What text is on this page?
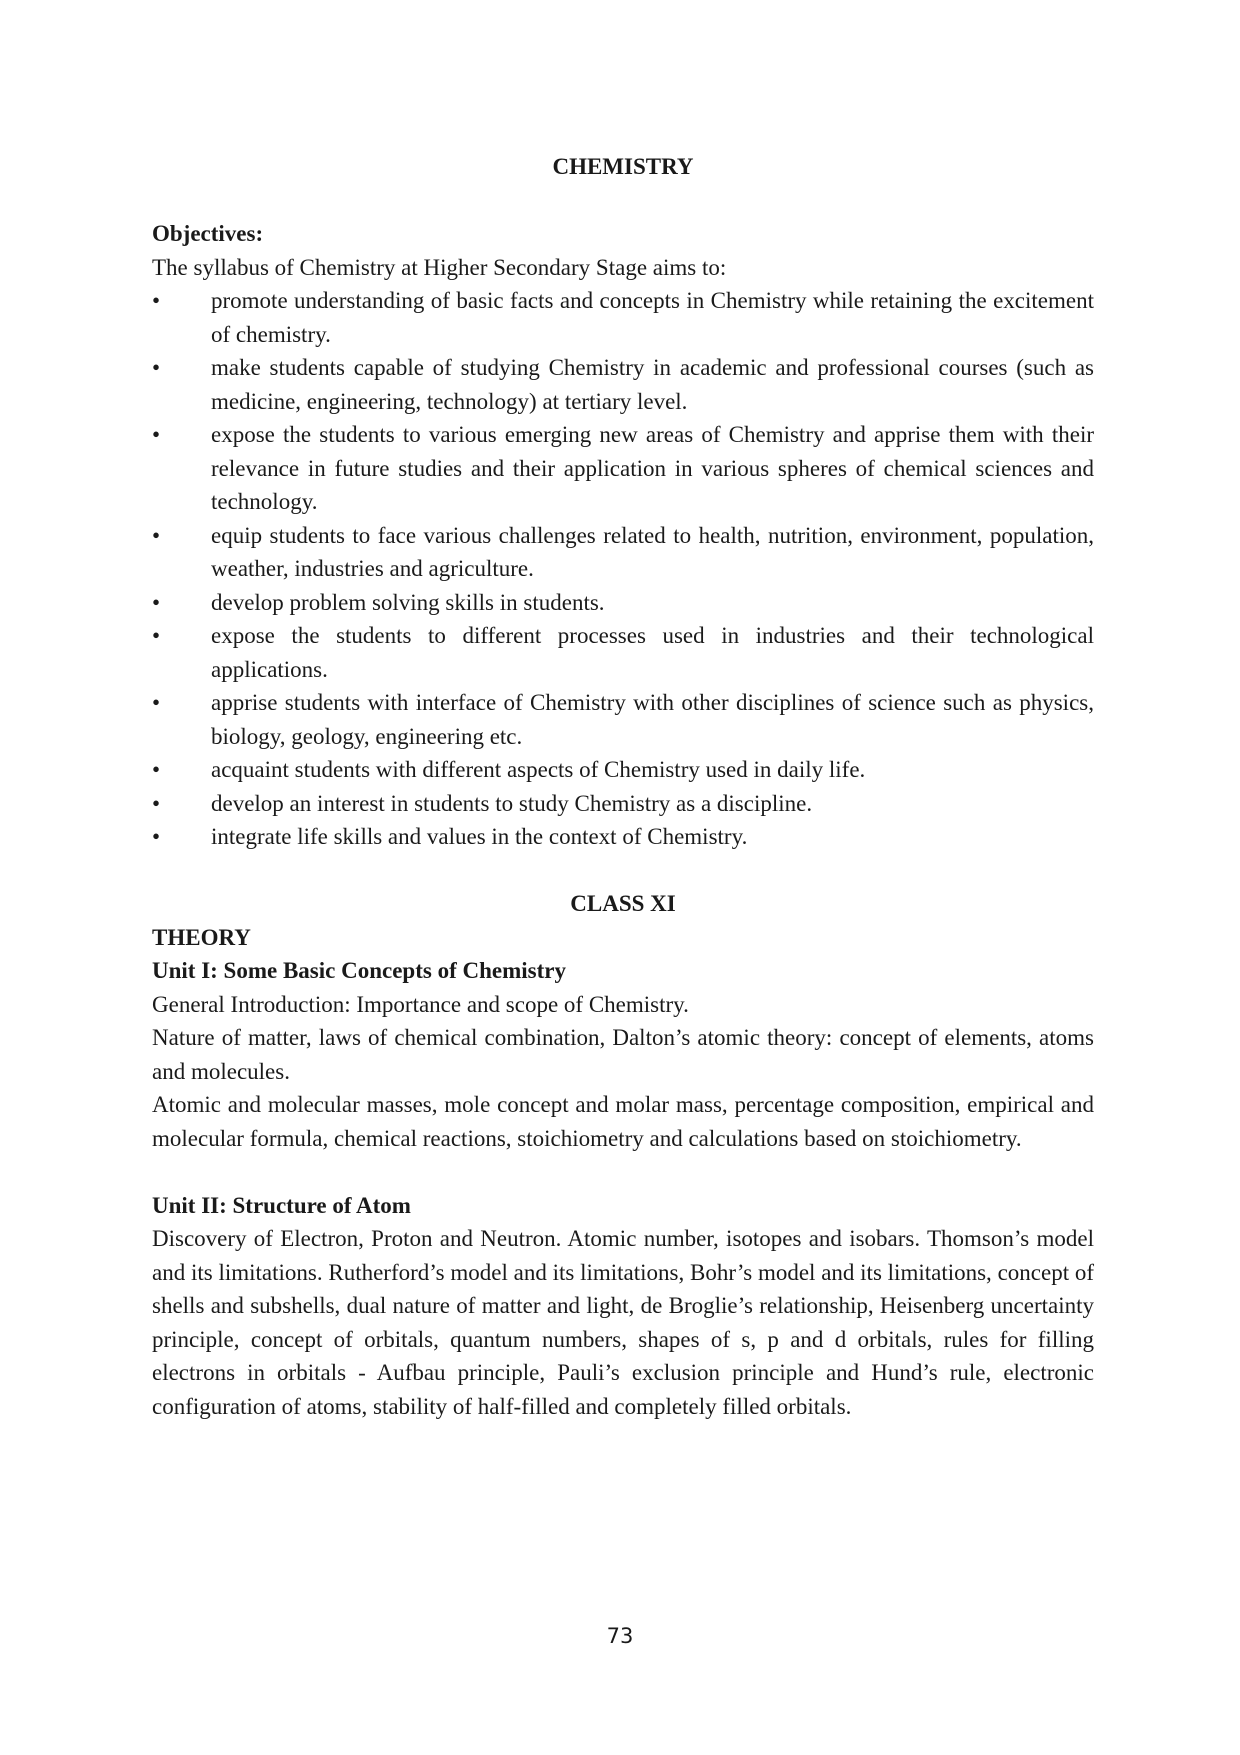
CHEMISTRY

Objectives:

The syllabus of Chemistry at Higher Secondary Stage aims to:

• promote understanding of basic facts and concepts in Chemistry while retaining the excitement of chemistry.
• make students capable of studying Chemistry in academic and professional courses (such as medicine, engineering, technology) at tertiary level.
• expose the students to various emerging new areas of Chemistry and apprise them with their relevance in future studies and their application in various spheres of chemical sciences and technology.
• equip students to face various challenges related to health, nutrition, environment, population, weather, industries and agriculture.
• develop problem solving skills in students.
• expose the students to different processes used in industries and their technological applications.
• apprise students with interface of Chemistry with other disciplines of science such as physics, biology, geology, engineering etc.
• acquaint students with different aspects of Chemistry used in daily life.
• develop an interest in students to study Chemistry as a discipline.
• integrate life skills and values in the context of Chemistry.

CLASS XI

THEORY

Unit I: Some Basic Concepts of Chemistry

General Introduction: Importance and scope of Chemistry.

Nature of matter, laws of chemical combination, Dalton’s atomic theory: concept of elements, atoms and molecules.

Atomic and molecular masses, mole concept and molar mass, percentage composition, empirical and molecular formula, chemical reactions, stoichiometry and calculations based on stoichiometry.

Unit II: Structure of Atom

Discovery of Electron, Proton and Neutron. Atomic number, isotopes and isobars. Thomson’s model and its limitations. Rutherford’s model and its limitations, Bohr’s model and its limitations, concept of shells and subshells, dual nature of matter and light, de Broglie’s relationship, Heisenberg uncertainty principle, concept of orbitals, quantum numbers, shapes of s, p and d orbitals, rules for filling electrons in orbitals - Aufbau principle, Pauli’s exclusion principle and Hund’s rule, electronic configuration of atoms, stability of half-filled and completely filled orbitals.

73
